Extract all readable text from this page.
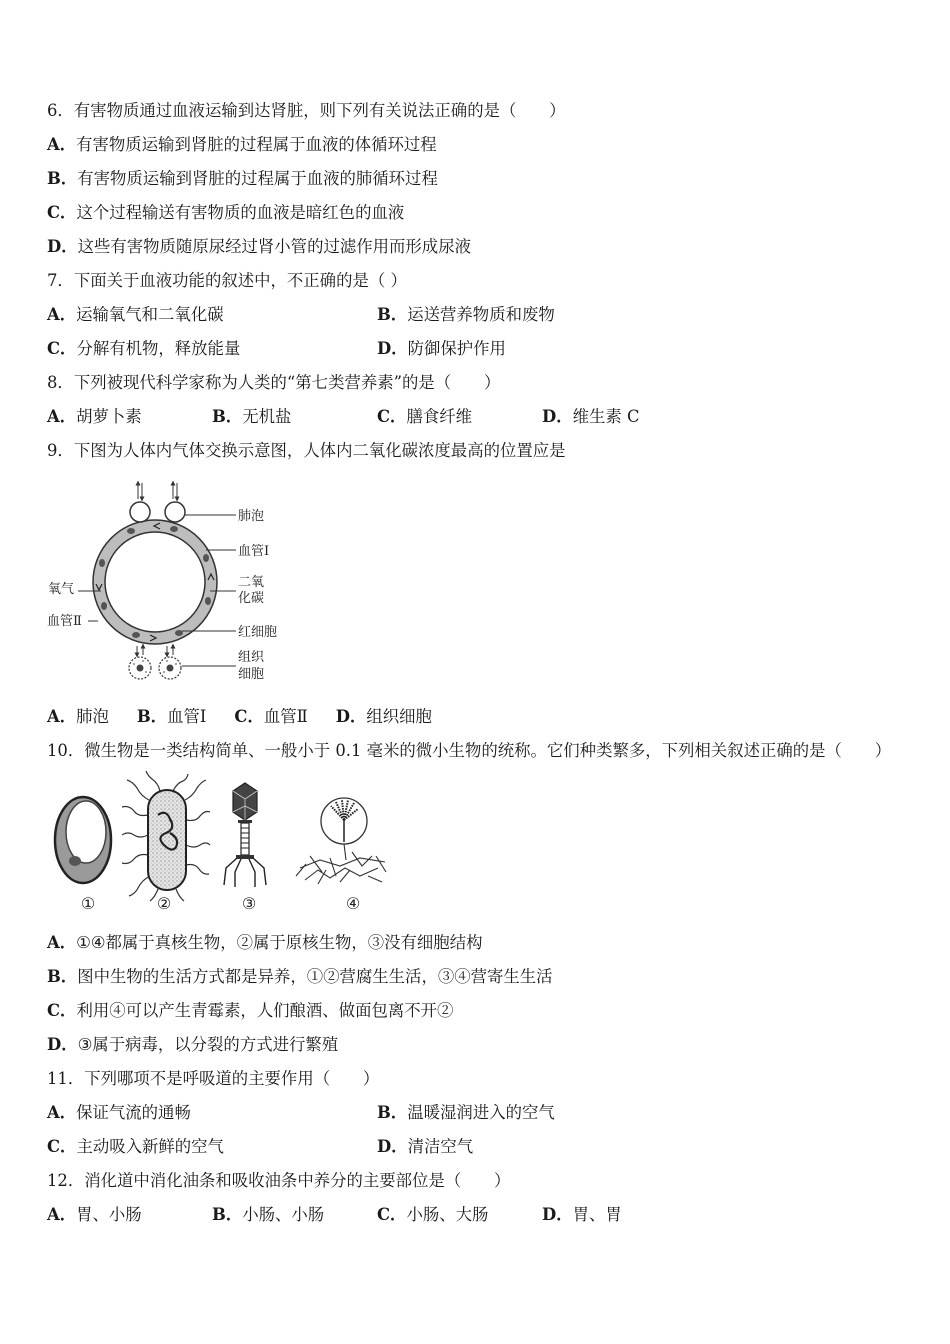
6．有害物质通过血液运输到达肾脏，则下列有关说法正确的是（　　）
A．有害物质运输到肾脏的过程属于血液的体循环过程
B．有害物质运输到肾脏的过程属于血液的肺循环过程
C．这个过程输送有害物质的血液是暗红色的血液
D．这些有害物质随原尿经过肾小管的过滤作用而形成尿液
7．下面关于血液功能的叙述中，不正确的是（ ）
A．运输氧气和二氧化碳	B．运送营养物质和废物
C．分解有机物，释放能量	D．防御保护作用
8．下列被现代科学家称为人类的“第七类营养素”的是（　　）
A．胡萝卜素	B．无机盐	C．膳食纤维	D．维生素 C
9．下图为人体内气体交换示意图，人体内二氧化碳浓度最高的位置应是
肺泡
血管Ⅰ
二氧
化碳
氧气
血管Ⅱ
红细胞
组织
细胞
A．肺泡 B．血管Ⅰ C．血管Ⅱ D．组织细胞
10．微生物是一类结构简单、一般小于 0.1 毫米的微小生物的统称。它们种类繁多，下列相关叙述正确的是（　　）
①	②	③	④
A．①④都属于真核生物，②属于原核生物，③没有细胞结构
B．图中生物的生活方式都是异养，①②营腐生生活，③④营寄生生活
C．利用④可以产生青霉素，人们酿酒、做面包离不开②
D．③属于病毒，以分裂的方式进行繁殖
11．下列哪项不是呼吸道的主要作用（　　）
A．保证气流的通畅	B．温暖湿润进入的空气
C．主动吸入新鲜的空气	D．清洁空气
12．消化道中消化油条和吸收油条中养分的主要部位是（　　）
A．胃、小肠	B．小肠、小肠	C．小肠、大肠	D．胃、胃
